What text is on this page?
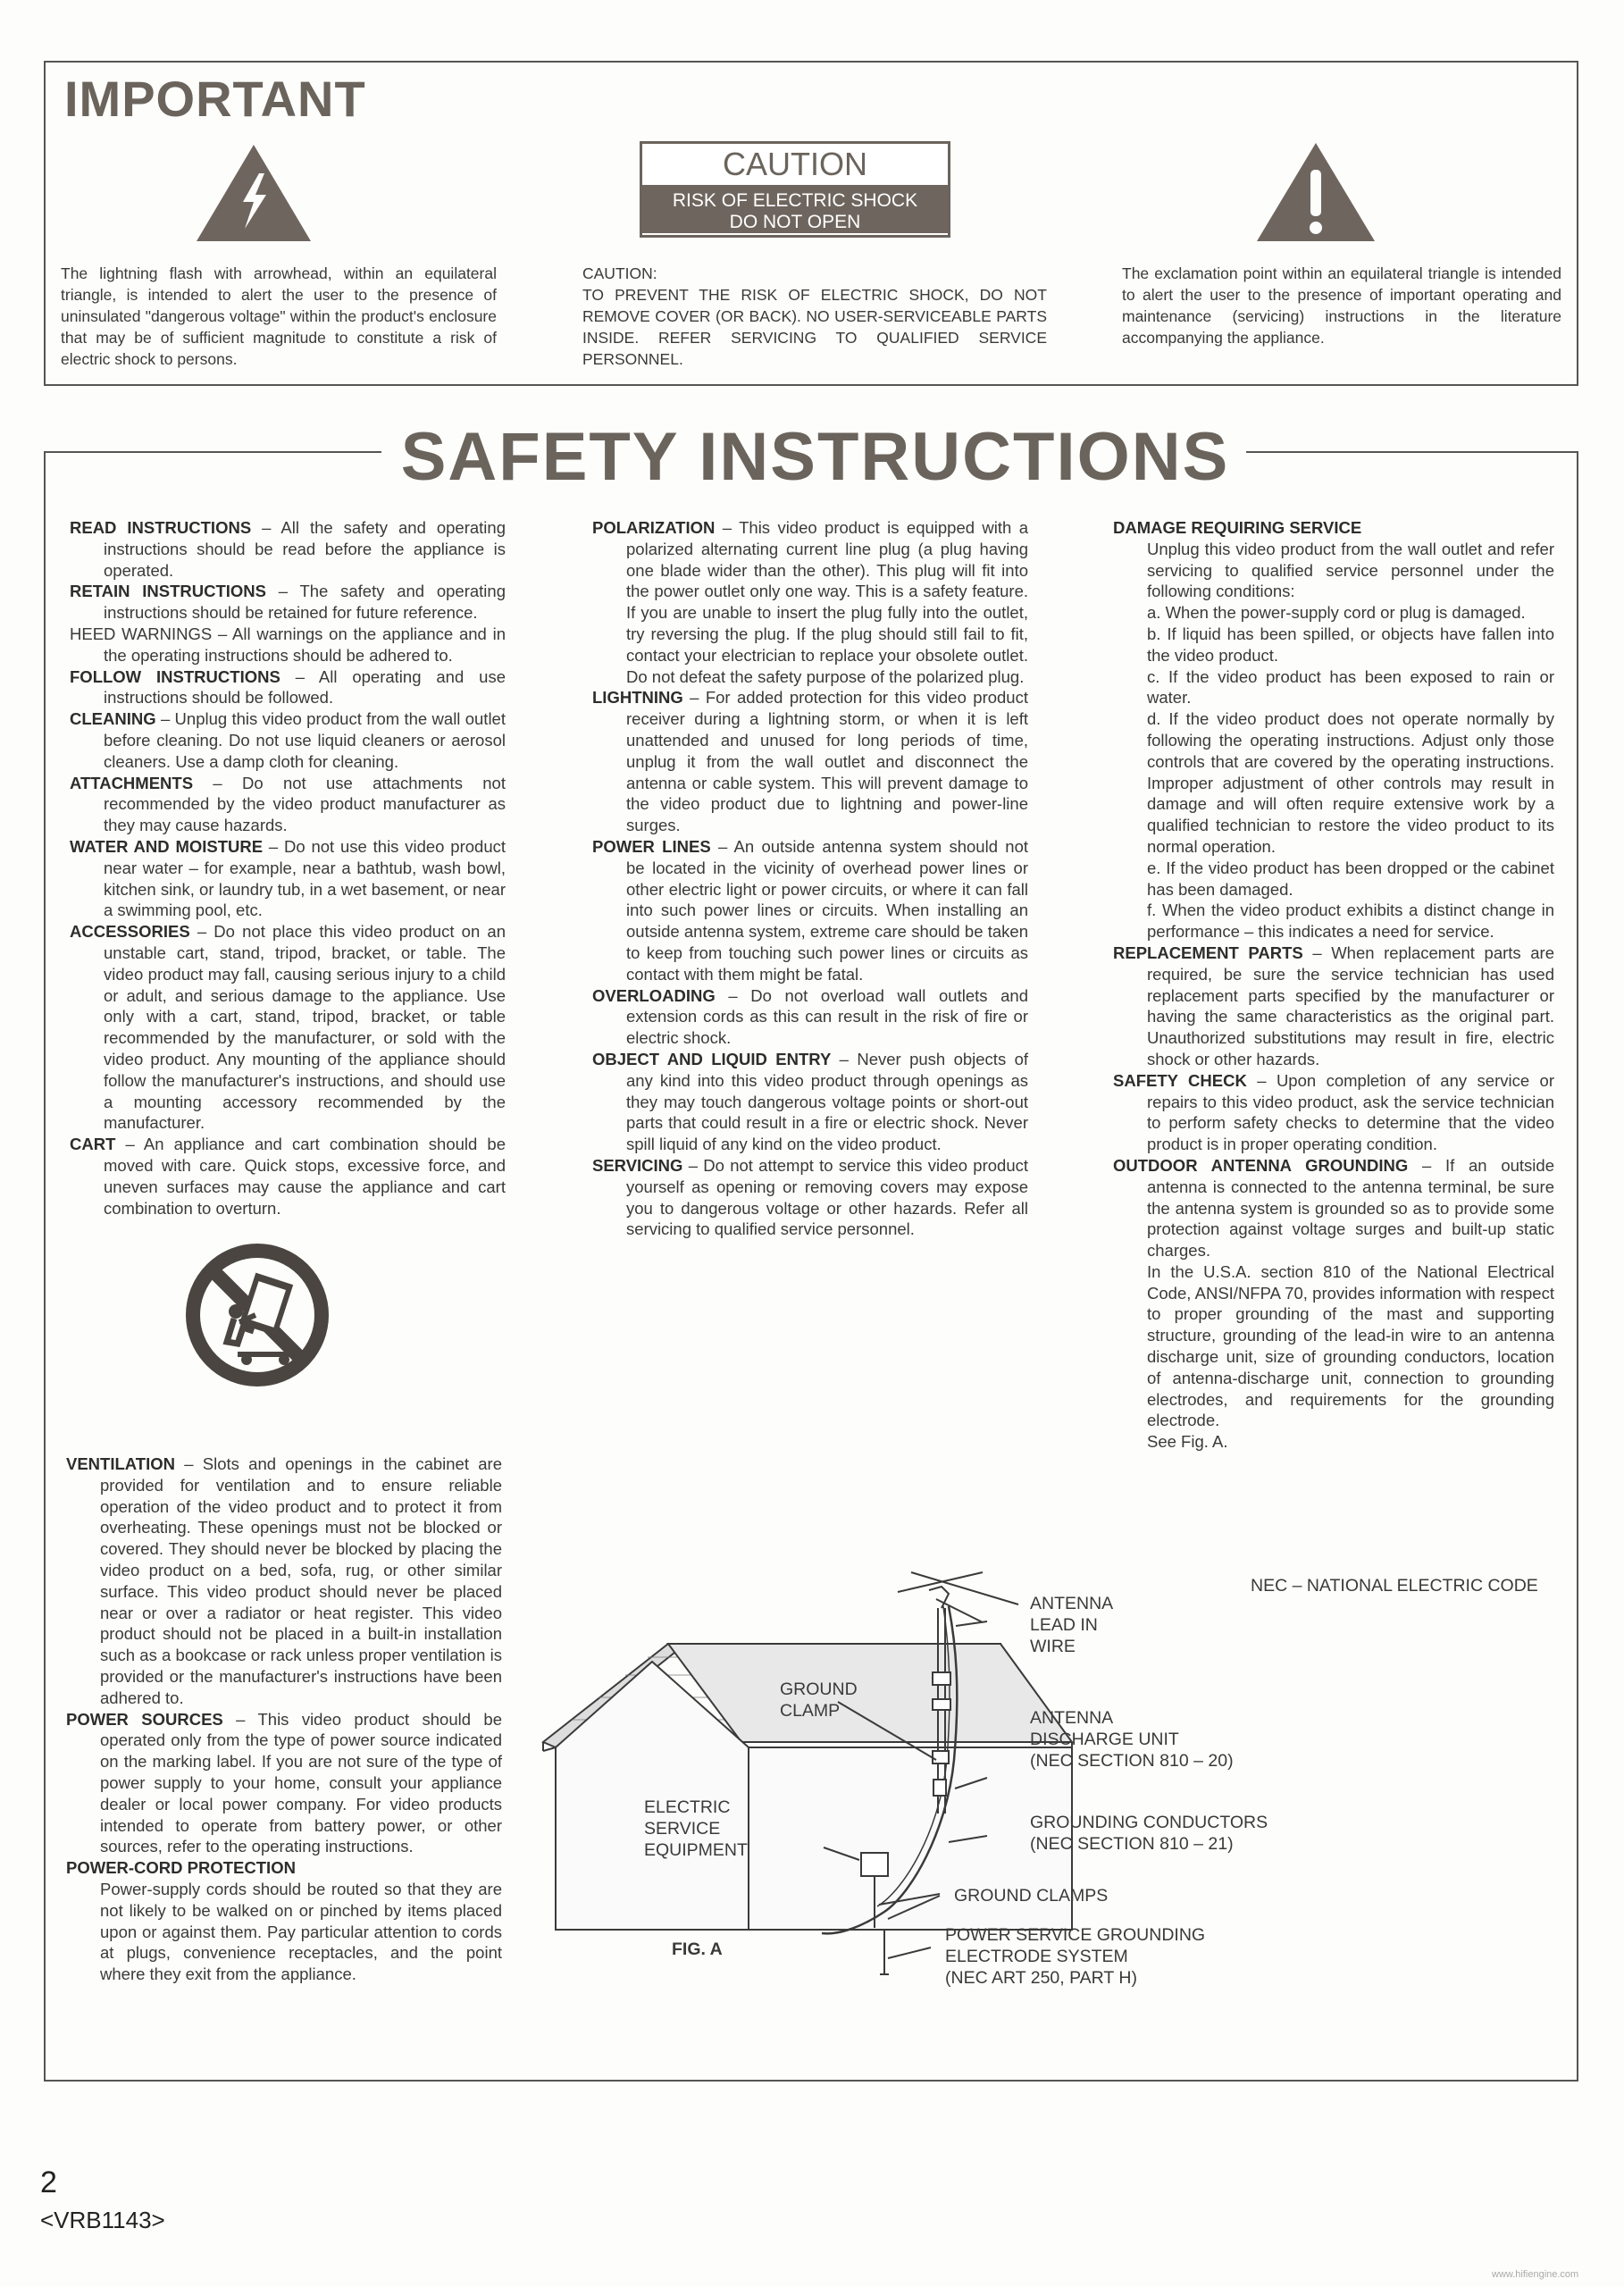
IMPORTANT
CAUTION
RISK OF ELECTRIC SHOCK
DO NOT OPEN
The lightning flash with arrowhead, within an equilateral triangle, is intended to alert the user to the presence of uninsulated "dangerous voltage" within the product's enclosure that may be of sufficient magnitude to constitute a risk of electric shock to persons.
CAUTION:
TO PREVENT THE RISK OF ELECTRIC SHOCK, DO NOT REMOVE COVER (OR BACK). NO USER-SERVICEABLE PARTS INSIDE. REFER SERVICING TO QUALIFIED SERVICE PERSONNEL.
The exclamation point within an equilateral triangle is intended to alert the user to the presence of important operating and maintenance (servicing) instructions in the literature accompanying the appliance.
SAFETY INSTRUCTIONS

READ INSTRUCTIONS – All the safety and operating instructions should be read before the appliance is operated.

RETAIN INSTRUCTIONS – The safety and operating instructions should be retained for future reference.

HEED WARNINGS – All warnings on the appliance and in the operating instructions should be adhered to.

FOLLOW INSTRUCTIONS – All operating and use instructions should be followed.

CLEANING – Unplug this video product from the wall outlet before cleaning. Do not use liquid cleaners or aerosol cleaners. Use a damp cloth for cleaning.

ATTACHMENTS – Do not use attachments not recommended by the video product manufacturer as they may cause hazards.

WATER AND MOISTURE – Do not use this video product near water – for example, near a bathtub, wash bowl, kitchen sink, or laundry tub, in a wet basement, or near a swimming pool, etc.

ACCESSORIES – Do not place this video product on an unstable cart, stand, tripod, bracket, or table. The video product may fall, causing serious injury to a child or adult, and serious damage to the appliance. Use only with a cart, stand, tripod, bracket, or table recommended by the manufacturer, or sold with the video product. Any mounting of the appliance should follow the manufacturer's instructions, and should use a mounting accessory recommended by the manufacturer.

CART – An appliance and cart combination should be moved with care. Quick stops, excessive force, and uneven surfaces may cause the appliance and cart combination to overturn.

VENTILATION – Slots and openings in the cabinet are provided for ventilation and to ensure reliable operation of the video product and to protect it from overheating. These openings must not be blocked or covered. They should never be blocked by placing the video product on a bed, sofa, rug, or other similar surface. This video product should never be placed near or over a radiator or heat register. This video product should not be placed in a built-in installation such as a bookcase or rack unless proper ventilation is provided or the manufacturer's instructions have been adhered to.

POWER SOURCES – This video product should be operated only from the type of power source indicated on the marking label. If you are not sure of the type of power supply to your home, consult your appliance dealer or local power company. For video products intended to operate from battery power, or other sources, refer to the operating instructions.

POWER-CORD PROTECTION

Power-supply cords should be routed so that they are not likely to be walked on or pinched by items placed upon or against them. Pay particular attention to cords at plugs, convenience receptacles, and the point where they exit from the appliance.

POLARIZATION – This video product is equipped with a polarized alternating current line plug (a plug having one blade wider than the other). This plug will fit into the power outlet only one way. This is a safety feature. If you are unable to insert the plug fully into the outlet, try reversing the plug. If the plug should still fail to fit, contact your electrician to replace your obsolete outlet. Do not defeat the safety purpose of the polarized plug.

LIGHTNING – For added protection for this video product receiver during a lightning storm, or when it is left unattended and unused for long periods of time, unplug it from the wall outlet and disconnect the antenna or cable system. This will prevent damage to the video product due to lightning and power-line surges.

POWER LINES – An outside antenna system should not be located in the vicinity of overhead power lines or other electric light or power circuits, or where it can fall into such power lines or circuits. When installing an outside antenna system, extreme care should be taken to keep from touching such power lines or circuits as contact with them might be fatal.

OVERLOADING – Do not overload wall outlets and extension cords as this can result in the risk of fire or electric shock.

OBJECT AND LIQUID ENTRY – Never push objects of any kind into this video product through openings as they may touch dangerous voltage points or short-out parts that could result in a fire or electric shock. Never spill liquid of any kind on the video product.

SERVICING – Do not attempt to service this video product yourself as opening or removing covers may expose you to dangerous voltage or other hazards. Refer all servicing to qualified service personnel.

DAMAGE REQUIRING SERVICE

Unplug this video product from the wall outlet and refer servicing to qualified service personnel under the following conditions:

a. When the power-supply cord or plug is damaged.

b. If liquid has been spilled, or objects have fallen into the video product.

c. If the video product has been exposed to rain or water.

d. If the video product does not operate normally by following the operating instructions. Adjust only those controls that are covered by the operating instructions. Improper adjustment of other controls may result in damage and will often require extensive work by a qualified technician to restore the video product to its normal operation.

e. If the video product has been dropped or the cabinet has been damaged.

f. When the video product exhibits a distinct change in performance – this indicates a need for service.

REPLACEMENT PARTS – When replacement parts are required, be sure the service technician has used replacement parts specified by the manufacturer or having the same characteristics as the original part. Unauthorized substitutions may result in fire, electric shock or other hazards.

SAFETY CHECK – Upon completion of any service or repairs to this video product, ask the service technician to perform safety checks to determine that the video product is in proper operating condition.

OUTDOOR ANTENNA GROUNDING – If an outside antenna is connected to the antenna terminal, be sure the antenna system is grounded so as to provide some protection against voltage surges and built-up static charges.

In the U.S.A. section 810 of the National Electrical Code, ANSI/NFPA 70, provides information with respect to proper grounding of the mast and supporting structure, grounding of the lead-in wire to an antenna discharge unit, size of grounding conductors, location of antenna-discharge unit, connection to grounding electrodes, and requirements for the grounding electrode.

See Fig. A.

NEC – NATIONAL ELECTRIC CODE
ANTENNA
LEAD IN
WIRE
GROUND
CLAMP	ANTENNA
DISCHARGE UNIT
(NEC SECTION 810 – 20)
ELECTRIC
SERVICE
EQUIPMENT
GROUNDING CONDUCTORS
(NEC SECTION 810 – 21)
GROUND CLAMPS
POWER SERVICE GROUNDING
ELECTRODE SYSTEM
(NEC ART 250, PART H)
FIG. A
2
<VRB1143>
www.hifiengine.com
